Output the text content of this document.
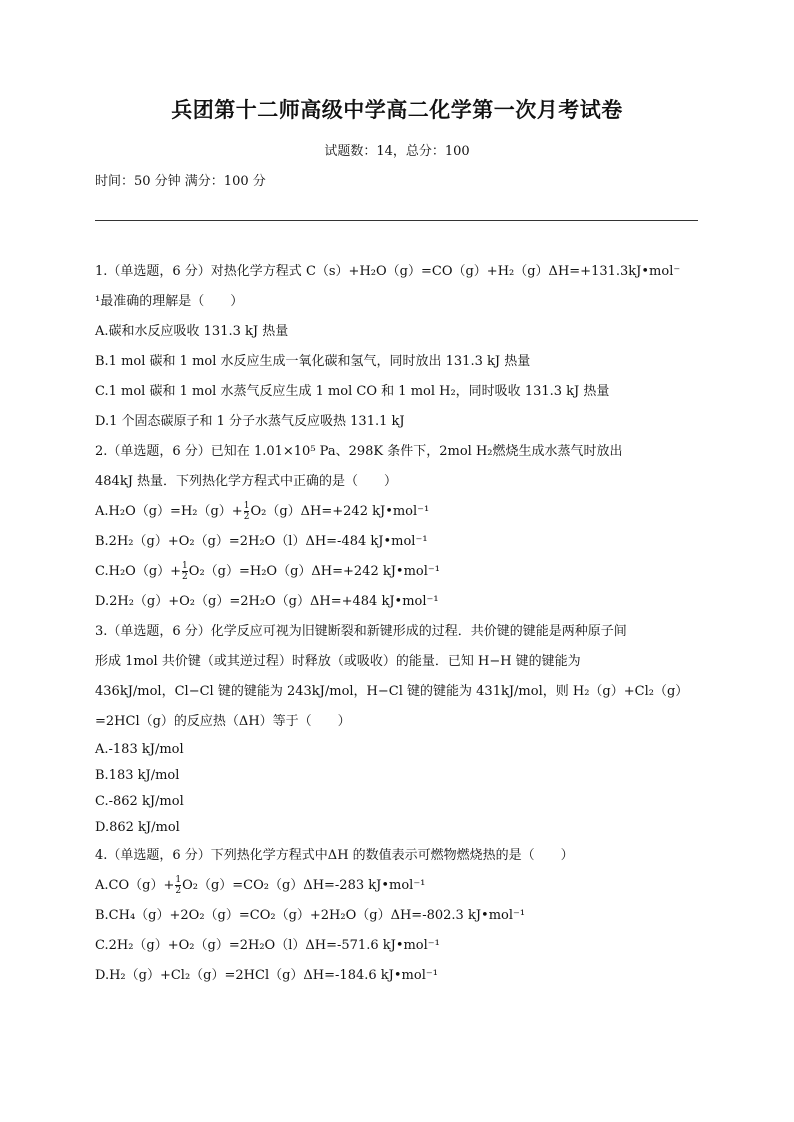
兵团第十二师高级中学高二化学第一次月考试卷
试题数：14，总分：100
时间：50 分钟 满分：100 分

1.（单选题，6 分）对热化学方程式 C（s）+H₂O（g）=CO（g）+H₂（g）ΔH=+131.3kJ•mol⁻

¹最准确的理解是（　　）

A.碳和水反应吸收 131.3 kJ 热量

B.1 mol 碳和 1 mol 水反应生成一氧化碳和氢气，同时放出 131.3 kJ 热量

C.1 mol 碳和 1 mol 水蒸气反应生成 1 mol CO 和 1 mol H₂，同时吸收 131.3 kJ 热量

D.1 个固态碳原子和 1 分子水蒸气反应吸热 131.1 kJ

2.（单选题，6 分）已知在 1.01×10⁵ Pa、298K 条件下，2mol H₂燃烧生成水蒸气时放出

484kJ 热量．下列热化学方程式中正确的是（　　）

$A.H_2O(g)=H_2(g)+ \frac{1}{2} O_2(g)\Delta H=+242$ kJ•mol⁻¹

B.2H₂（g）+O₂（g）=2H₂O（l）ΔH=-484 kJ•mol⁻¹

$C.H_2O(g)+ \frac{1}{2} O_2(g)=H_2O(g)\Delta H=+242$ kJ•mol⁻¹

D.2H₂（g）+O₂（g）=2H₂O（g）ΔH=+484 kJ•mol⁻¹

3.（单选题，6 分）化学反应可视为旧键断裂和新键形成的过程．共价键的键能是两种原子间

形成 1mol 共价键（或其逆过程）时释放（或吸收）的能量．已知 H−H 键的键能为

436kJ/mol，Cl−Cl 键的键能为 243kJ/mol，H−Cl 键的键能为 431kJ/mol，则 H₂（g）+Cl₂（g）

=2HCl（g）的反应热（ΔH）等于（　　）

A.-183 kJ/mol

B.183 kJ/mol

C.-862 kJ/mol

D.862 kJ/mol

4.（单选题，6 分）下列热化学方程式中ΔH 的数值表示可燃物燃烧热的是（　　）

$A.CO(g)+ \frac{1}{2} O_2(g)=CO_2(g)\Delta H=-283$ kJ•mol⁻¹

B.CH₄（g）+2O₂（g）=CO₂（g）+2H₂O（g）ΔH=-802.3 kJ•mol⁻¹

C.2H₂（g）+O₂（g）=2H₂O（l）ΔH=-571.6 kJ•mol⁻¹

D.H₂（g）+Cl₂（g）=2HCl（g）ΔH=-184.6 kJ•mol⁻¹
